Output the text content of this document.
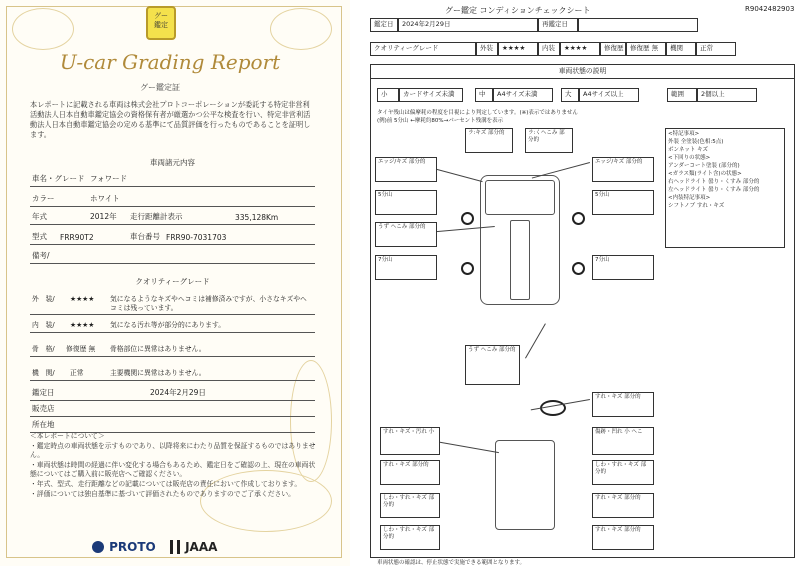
グー
鑑定
U-car Grading Report
グー鑑定証
本レポートに記載される車両は株式会社プロトコーポレーションが委託する特定非営利活動法人日本自動車鑑定協会の資格保有者が厳選かつ公平な検査を行い、特定非営利活動法人日本自動車鑑定協会の定める基準にて品質評価を行ったものであることを証明します。
車両諸元内容
車名・グレード フォワード
カラー	ホワイト
年式	2012年 走行距離計表示	335,128Km
型式 FRR90T2	車台番号 FRR90-7031703
備考/
クオリティーグレード
外　装/ ★★★★ 気になるようなキズやヘコミは補修済みですが、小さなキズやヘコミは残っています。
内　装/ ★★★★ 気になる汚れ等が部分的にあります。
骨　格/ 修復歴 無 骨格部位に異常はありません。
機　関/ 正常	主要機関に異常はありません。
鑑定日	2024年2月29日
販売店
所在地
＜本レポートについて＞
・鑑定時点の車両状態を示すものであり、以降将来にわたり品質を保証するものではありません。
・車両状態は時間の経過に伴い変化する場合もあるため、鑑定日をご確認の上、現在の車両状態についてはご購入前に販売店へご確認ください。
・年式、型式、走行距離などの記載については販売店の責任において作成しております。
・評価については独自基準に基づいて評価されたものでありますのでご了承ください。
PROTO	JAAA
グー鑑定 コンディションチェックシート	R9042482903
鑑定日	2024年2月29日	再鑑定日
クオリティーグレード	外装	★★★★	内装	★★★★	修復歴	修復歴 無	機関	正常
車両状態の説明
小	カードサイズ未満	中	A4サイズ未満	大	A4サイズ以上	範囲	2個以上
タイヤ残山は偏摩耗の程度を目視により判定しています。(※)表示ではありません
(例)前 5分山 ←摩耗約80%→パーセント残溝を表示
エッジ/キズ 部分的
5分山
うず へこみ 部分的
7分山
ラ:キズ 部分的	ラ:くへこみ 部分的
エッジ/キズ 部分的
5分山
7分山
うず へこみ 部分的
すれ・キズ 部分的
すれ・キズ・汚れ 小
すれ・キズ 部分的
しわ・すれ・キズ 部分的
しわ・すれ・キズ 部分的
傷跡・凹れ 小 へこ
しわ・すれ・キズ 部分的
すれ・キズ 部分的
すれ・キズ 部分的
<特記事項>
外装 全塗装(色相:5点)
ボンネット キズ
<下回りの状態>
アンダーコート塗装 (部分的)
<ガラス類(ライト含)の状態>
右ヘッドライト 曇り・くすみ 部分的
左ヘッドライト 曇り・くすみ 部分的
<内装特記事項>
シフトノブ すれ・キズ
車両状態の確認は、停止状態で実施できる範囲となります。
